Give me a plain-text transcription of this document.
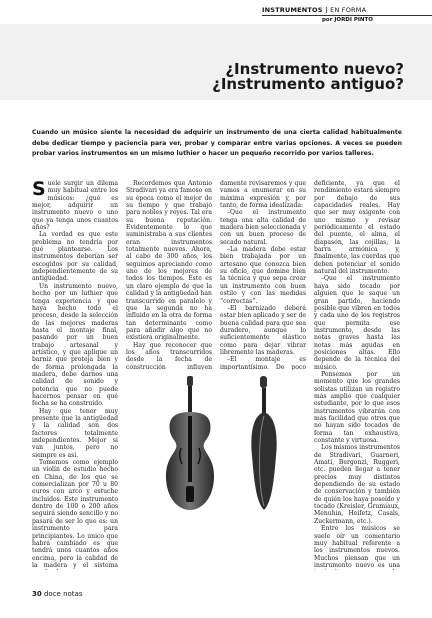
INSTRUMENTOS | EN FORMA
por JORDI PINTO
¿Instrumento nuevo?
¿Instrumento antiguo?
Cuando un músico siente la necesidad de adquirir un instrumento de una cierta calidad habitualmente debe dedicar tiempo y paciencia para ver, probar y comparar entre varias opciones. A veces se pueden probar varios instrumentos en un mismo luthier o hacer un pequeño recorrido por varios talleres.

Suele surgir un dilema muy habitual entre los músicos: ¿qué es mejor, adquirir un instrumento nuevo o uno que ya tenga unos cuantos años?

La verdad es que este problema no tendría por qué plantearse. Los instrumentos deberían ser escogidos por su calidad, independientemente de su antigüedad.

Un instrumento nuevo, hecho por un luthier que tenga experiencia y que haya hecho todo el proceso, desde la selección de las mejores maderas hasta el montaje final, pasando por un buen trabajo artesanal y artístico, y que aplique un barniz que proteja bien y de forma prolongada la madera, debe darnos una calidad de sonido y potencia que no puede hacernos pensar en qué fecha se ha construido.

Hay que tener muy presente que la antigüedad y la calidad son dos factores totalmente independientes. Mejor si van juntos, pero no siempre es así.

Tomemos como ejemplo un violín de estudio hecho en China, de los que se comercializan por 70 u 80 euros con arco y estuche incluidos. Este instrumento dentro de 100 o 200 años seguirá siendo sencillo y no pasará de ser lo que es: un instrumento para principiantes. Lo único que habrá cambiado es que tendrá unos cuantos años encima, pero la calidad de la madera y el sistema

Recordemos que Antonio Stradivari ya era famoso en su época como el mejor de su tiempo y que trabajó para nobles y reyes. Tal era su buena reputación. Evidentemente lo que suministraba a sus clientes eran instrumentos totalmente nuevos. Ahora, al cabo de 300 años, los seguimos apreciando como uno de los mejores de todos los tiempos. Éste es un claro ejemplo de que la calidad y la antigüedad han transcurrido en paralelo y que la segunda no ha influido en la otra de forma tan determinante como para añadir algo que no existiera originalmente.

Hay que reconocer que los años transcurridos desde la fecha de construcción influyen

damente revisaremos y que vamos a enumerar en su máxima expresión y, por tanto, de forma idealizada:

–Que el instrumento tenga una alta calidad de madera bien seleccionada y con un buen proceso de secado natural.

–La madera debe estar bien trabajada por un artesano que conozca bien su oficio, que domine bien la técnica y que sepa crear un instrumento con buen estilo y con las medidas “correctas”.

–El barnizado deberá estar bien aplicado y ser de buena calidad para que sea duradero, aunque lo suficientemente elástico como para dejar vibrar libremente las maderas.

–El montaje es importantísimo. De poco

deficiente, ya que el rendimiento estará siempre por debajo de sus capacidades reales. Hay que ser muy exigente con uno mismo y revisar periódicamente el estado del puente, el alma, el diapasón, las cejillas, la barra armónica y, finalmente, las cuerdas que deben potenciar el sonido natural del instrumento.

–Que el instrumento haya sido tocado por alguien que le saque un gran partido, haciendo posible que vibren en todos y cada uno de los registros que permita ese instrumento, desde las notas graves hasta las notas más agudas en posiciones altas. Ello depende de la técnica del músico.

Pensemos por un momento que los grandes solistas utilizan un registro más amplio que cualquier estudiante, por lo que esos instrumentos vibrarán con más facilidad que otros que no hayan sido tocados de forma tan exhaustiva, constante y virtuosa.

Los mismos instrumentos de Stradivari, Guarneri, Amati, Bergonzi, Ruggeri, etc. pueden llegar a tener precios muy distintos dependiendo de su estado de conservación y también de quién los haya poseído y tocado (Kreisler, Grumiaux, Menuhin, Heifetz, Casals, Zuckermann, etc.).

Entre los músicos se suele oír un comentario muy habitual referente a los instrumentos nuevos. Muchos piensan que un instrumento nuevo es una

30 doce notas
